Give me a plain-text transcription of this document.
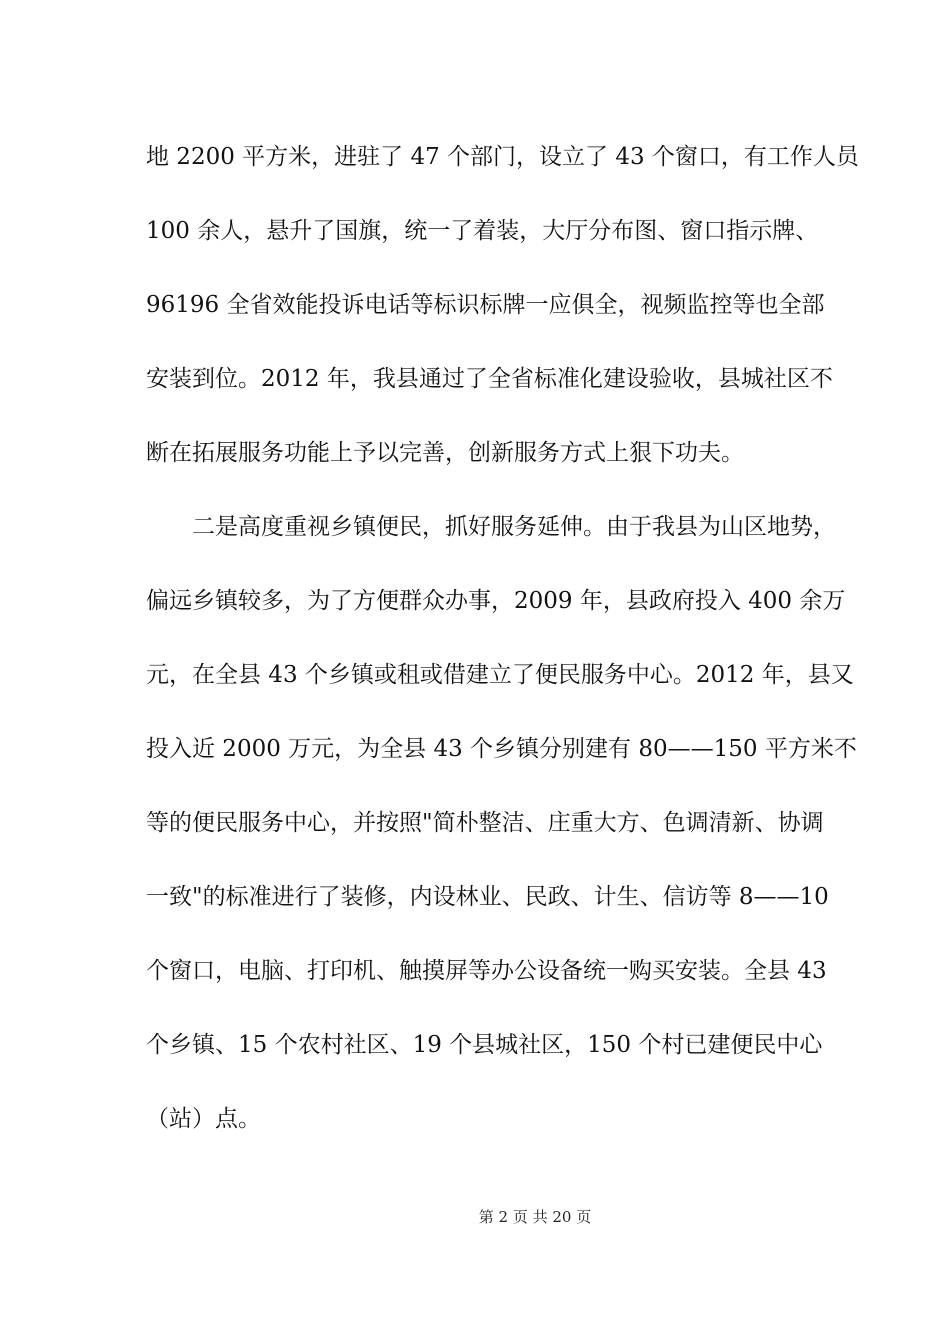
地 2200 平方米，进驻了 47 个部门，设立了 43 个窗口，有工作人员
100 余人，悬升了国旗，统一了着装，大厅分布图、窗口指示牌、
96196 全省效能投诉电话等标识标牌一应俱全，视频监控等也全部
安装到位。2012 年，我县通过了全省标准化建设验收，县城社区不
断在拓展服务功能上予以完善，创新服务方式上狠下功夫。
二是高度重视乡镇便民，抓好服务延伸。由于我县为山区地势，
偏远乡镇较多，为了方便群众办事，2009 年，县政府投入 400 余万
元，在全县 43 个乡镇或租或借建立了便民服务中心。2012 年，县又
投入近 2000 万元，为全县 43 个乡镇分别建有 80——150 平方米不
等的便民服务中心，并按照"简朴整洁、庄重大方、色调清新、协调
一致"的标准进行了装修，内设林业、民政、计生、信访等 8——10
个窗口，电脑、打印机、触摸屏等办公设备统一购买安装。全县 43
个乡镇、15 个农村社区、19 个县城社区，150 个村已建便民中心
（站）点。
第 2 页 共 20 页
